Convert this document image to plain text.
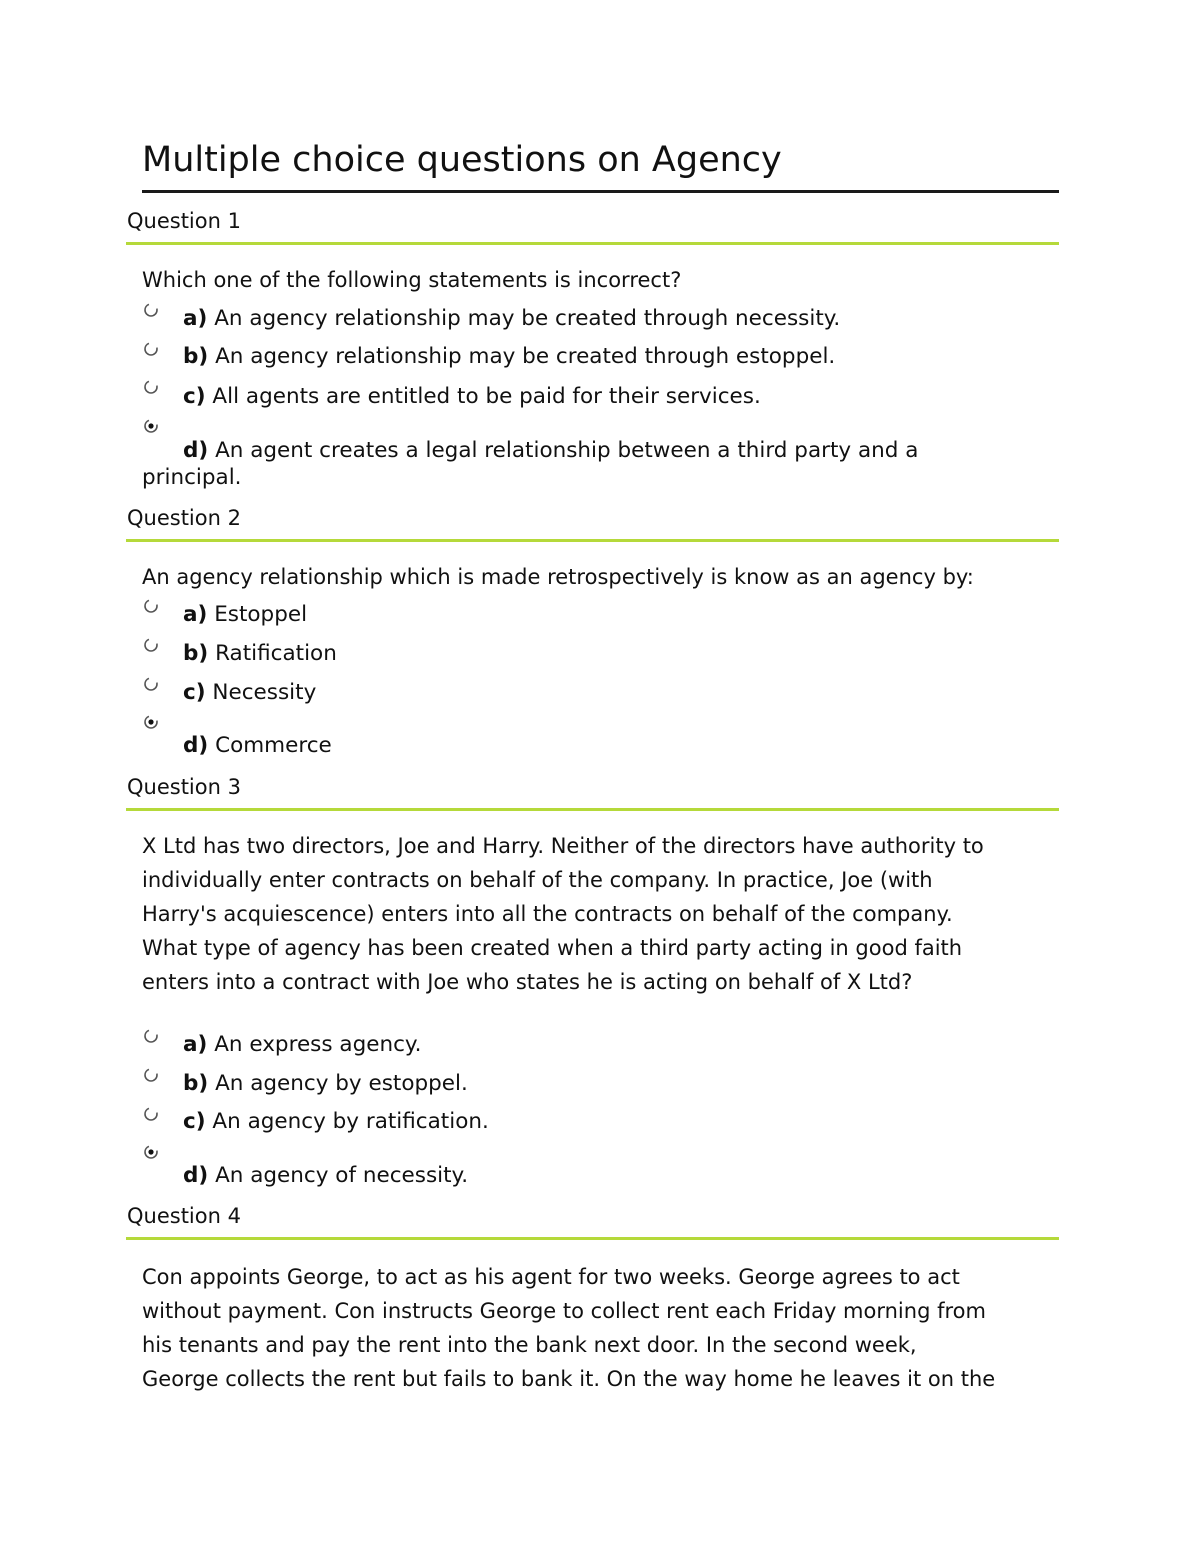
Multiple choice questions on Agency
Question 1
Which one of the following statements is incorrect?
a) An agency relationship may be created through necessity.
b) An agency relationship may be created through estoppel.
c) All agents are entitled to be paid for their services.
d) An agent creates a legal relationship between a third party and a
principal.
Question 2
An agency relationship which is made retrospectively is know as an agency by:
a) Estoppel
b) Ratification
c) Necessity
d) Commerce
Question 3
X Ltd has two directors, Joe and Harry. Neither of the directors have authority to
individually enter contracts on behalf of the company. In practice, Joe (with
Harry's acquiescence) enters into all the contracts on behalf of the company.
What type of agency has been created when a third party acting in good faith
enters into a contract with Joe who states he is acting on behalf of X Ltd?
a) An express agency.
b) An agency by estoppel.
c) An agency by ratification.
d) An agency of necessity.
Question 4
Con appoints George, to act as his agent for two weeks. George agrees to act
without payment. Con instructs George to collect rent each Friday morning from
his tenants and pay the rent into the bank next door. In the second week,
George collects the rent but fails to bank it. On the way home he leaves it on the
